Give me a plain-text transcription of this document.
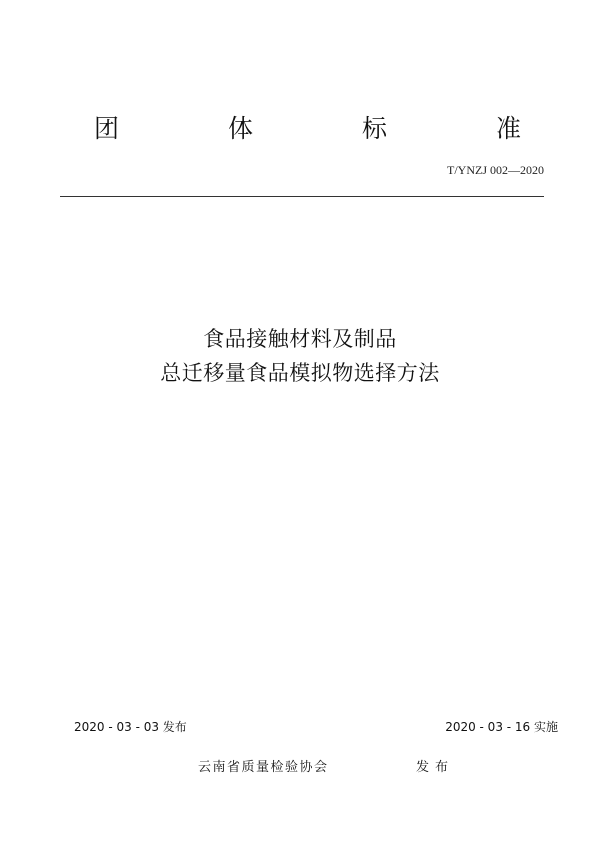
团	体	标	准
T/YNZJ 002—2020
食品接触材料及制品
总迁移量食品模拟物选择方法
2020 - 03 - 03 发布	2020 - 03 - 16 实施
云南省质量检验协会	发布
